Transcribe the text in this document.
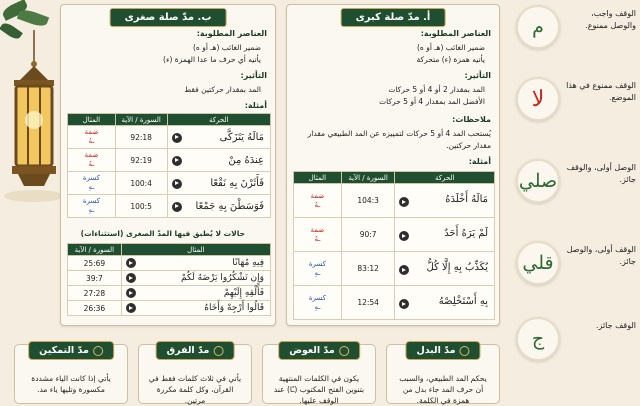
م
الوقف واجب، والوصل ممنوع.
لا
الوقف ممنوع في هذا الموضع.
صلي
الوصل أولى، والوقف جائز.
قلي
الوقف أولى، والوصل جائز.
ج
الوقف جائز.
أ. مدّ صلة كبرى
العناصر المطلوبة:
ضمير الغائب (هـ أو ه)
يأتيه همزة (ء) متحركة
التأثير:
المد بمقدار 2 أو 4 أو 5 حركات
الأفضل المد بمقدار 4 أو 5 حركات
ملاحظات:
يُستحب المد 4 أو 5 حركات لتمييزه عن المد الطبيعي مقدار
مقدار حركتين.
أمثلة:
الحركة	السورة / الآية	المثال

مَالَهُ أَخْلَدَهُ	104:3	ضمة
ـهُ

لَمْ يَرَهُ أَحَدٌ	90:7	ضمة
ـهُ

يُكَذِّبُ بِهِ إِلَّا كُلُّ	83:12	كسرة
ـهِ

بِهِ أَسْتَخْلِصْهُ	12:54	كسرة
ـهِ
ب. مدّ صلة صغرى
العناصر المطلوبة:
ضمير الغائب (هـ أو ه)
يأتيه أي حرف ما عدا الهمزة (ء)
التأثير:
المد بمقدار حركتين فقط
أمثلة:
الحركة	السورة / الآية	المثال

مَالَهُ يَتَزَكَّى	92:18	ضمة
ـهُ

عِندَهُ مِنْ	92:19	ضمة
ـهُ

فَأَثَرْنَ بِهِ نَقْعًا	100:4	كسرة
ـهِ

فَوَسَطْنَ بِهِ جَمْعًا	100:5	كسرة
ـهِ
حالات لا يُطبق فيها المدّ الصغرى (استثناءات)
المثال	السورة / الآية

فِيهِ مُهَانًا	25:69

وَإِن تَشْكُرُوا يَرْضَهُ لَكُمْ	39:7

فَأَلْقِهِ إِلَيْهِمْ	27:28

قَالُوا أَرْجِهْ وَأَخَاهُ	26:36
مدّ البدل
يحكم المد الطبيعي، والسبب أن حرف المد جاء بدل من همزة في الكلمة.
مدّ العوض
يكون في الكلمات المنتهية بتنوين الفتح المكتوب (ـًا) عند الوقف عليها.
مدّ الفرق
يأتي في ثلاث كلمات فقط في القرآن، وكل كلمة مكررة مرتين.
مدّ التمكين
يأتي إذا كانت الياء مشددة مكسورة وتليها ياء مد.
